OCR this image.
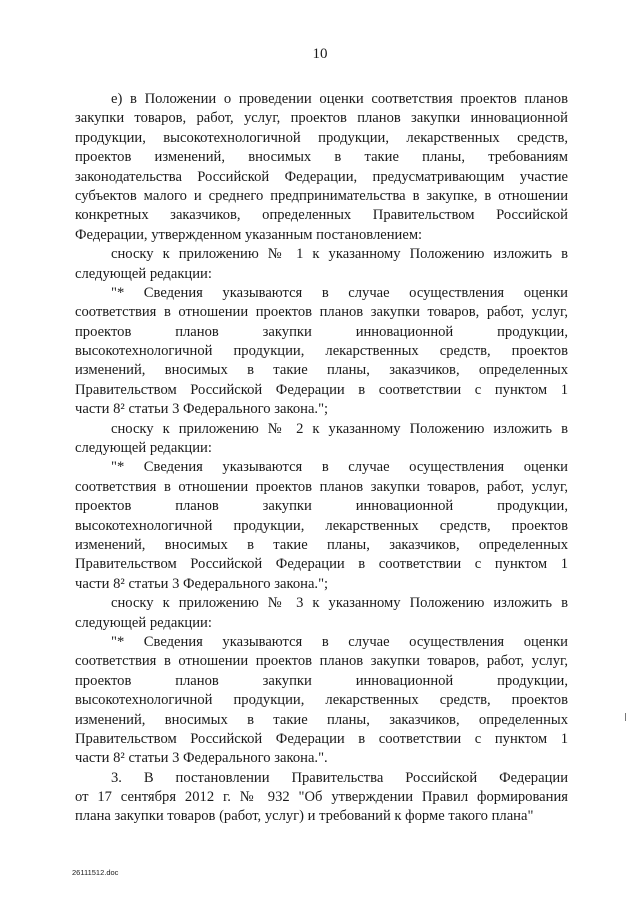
10
е) в Положении о проведении оценки соответствия проектов планов
закупки товаров, работ, услуг, проектов планов закупки инновационной
продукции, высокотехнологичной продукции, лекарственных средств,
проектов изменений, вносимых в такие планы, требованиям
законодательства Российской Федерации, предусматривающим участие
субъектов малого и среднего предпринимательства в закупке, в отношении
конкретных заказчиков, определенных Правительством Российской
Федерации, утвержденном указанным постановлением:
сноску к приложению № 1 к указанному Положению изложить в
следующей редакции:
"* Сведения указываются в случае осуществления оценки
соответствия в отношении проектов планов закупки товаров, работ, услуг,
проектов планов закупки инновационной продукции,
высокотехнологичной продукции, лекарственных средств, проектов
изменений, вносимых в такие планы, заказчиков, определенных
Правительством Российской Федерации в соответствии с пунктом 1
части 8² статьи 3 Федерального закона.";
сноску к приложению № 2 к указанному Положению изложить в
следующей редакции:
"* Сведения указываются в случае осуществления оценки
соответствия в отношении проектов планов закупки товаров, работ, услуг,
проектов планов закупки инновационной продукции,
высокотехнологичной продукции, лекарственных средств, проектов
изменений, вносимых в такие планы, заказчиков, определенных
Правительством Российской Федерации в соответствии с пунктом 1
части 8² статьи 3 Федерального закона.";
сноску к приложению № 3 к указанному Положению изложить в
следующей редакции:
"* Сведения указываются в случае осуществления оценки
соответствия в отношении проектов планов закупки товаров, работ, услуг,
проектов планов закупки инновационной продукции,
высокотехнологичной продукции, лекарственных средств, проектов
изменений, вносимых в такие планы, заказчиков, определенных
Правительством Российской Федерации в соответствии с пунктом 1
части 8² статьи 3 Федерального закона.".
3. В постановлении Правительства Российской Федерации
от 17 сентября 2012 г. № 932 "Об утверждении Правил формирования
плана закупки товаров (работ, услуг) и требований к форме такого плана"
26111512.doc
